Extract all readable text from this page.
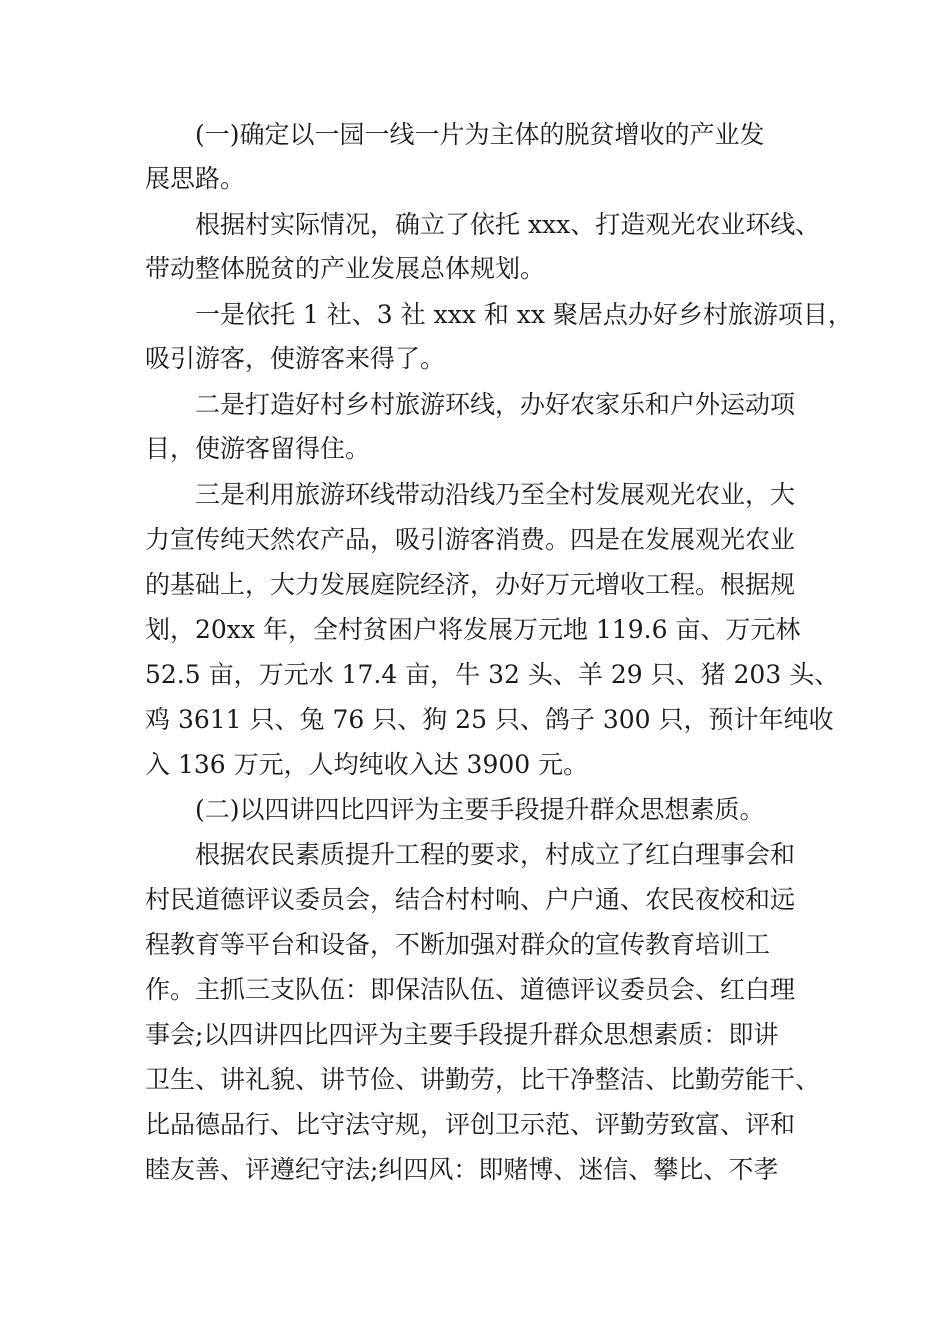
(一)确定以一园一线一片为主体的脱贫增收的产业发

展思路。

根据村实际情况，确立了依托 xxx、打造观光农业环线、

带动整体脱贫的产业发展总体规划。

一是依托 1 社、3 社 xxx 和 xx 聚居点办好乡村旅游项目，

吸引游客，使游客来得了。

二是打造好村乡村旅游环线，办好农家乐和户外运动项

目，使游客留得住。

三是利用旅游环线带动沿线乃至全村发展观光农业，大

力宣传纯天然农产品，吸引游客消费。四是在发展观光农业

的基础上，大力发展庭院经济，办好万元增收工程。根据规

划，20xx 年，全村贫困户将发展万元地 119.6 亩、万元林

52.5 亩，万元水 17.4 亩，牛 32 头、羊 29 只、猪 203 头、

鸡 3611 只、兔 76 只、狗 25 只、鸽子 300 只，预计年纯收

入 136 万元，人均纯收入达 3900 元。

(二)以四讲四比四评为主要手段提升群众思想素质。

根据农民素质提升工程的要求，村成立了红白理事会和

村民道德评议委员会，结合村村响、户户通、农民夜校和远

程教育等平台和设备，不断加强对群众的宣传教育培训工

作。主抓三支队伍：即保洁队伍、道德评议委员会、红白理

事会;以四讲四比四评为主要手段提升群众思想素质：即讲

卫生、讲礼貌、讲节俭、讲勤劳，比干净整洁、比勤劳能干、

比品德品行、比守法守规，评创卫示范、评勤劳致富、评和

睦友善、评遵纪守法;纠四风：即赌博、迷信、攀比、不孝
